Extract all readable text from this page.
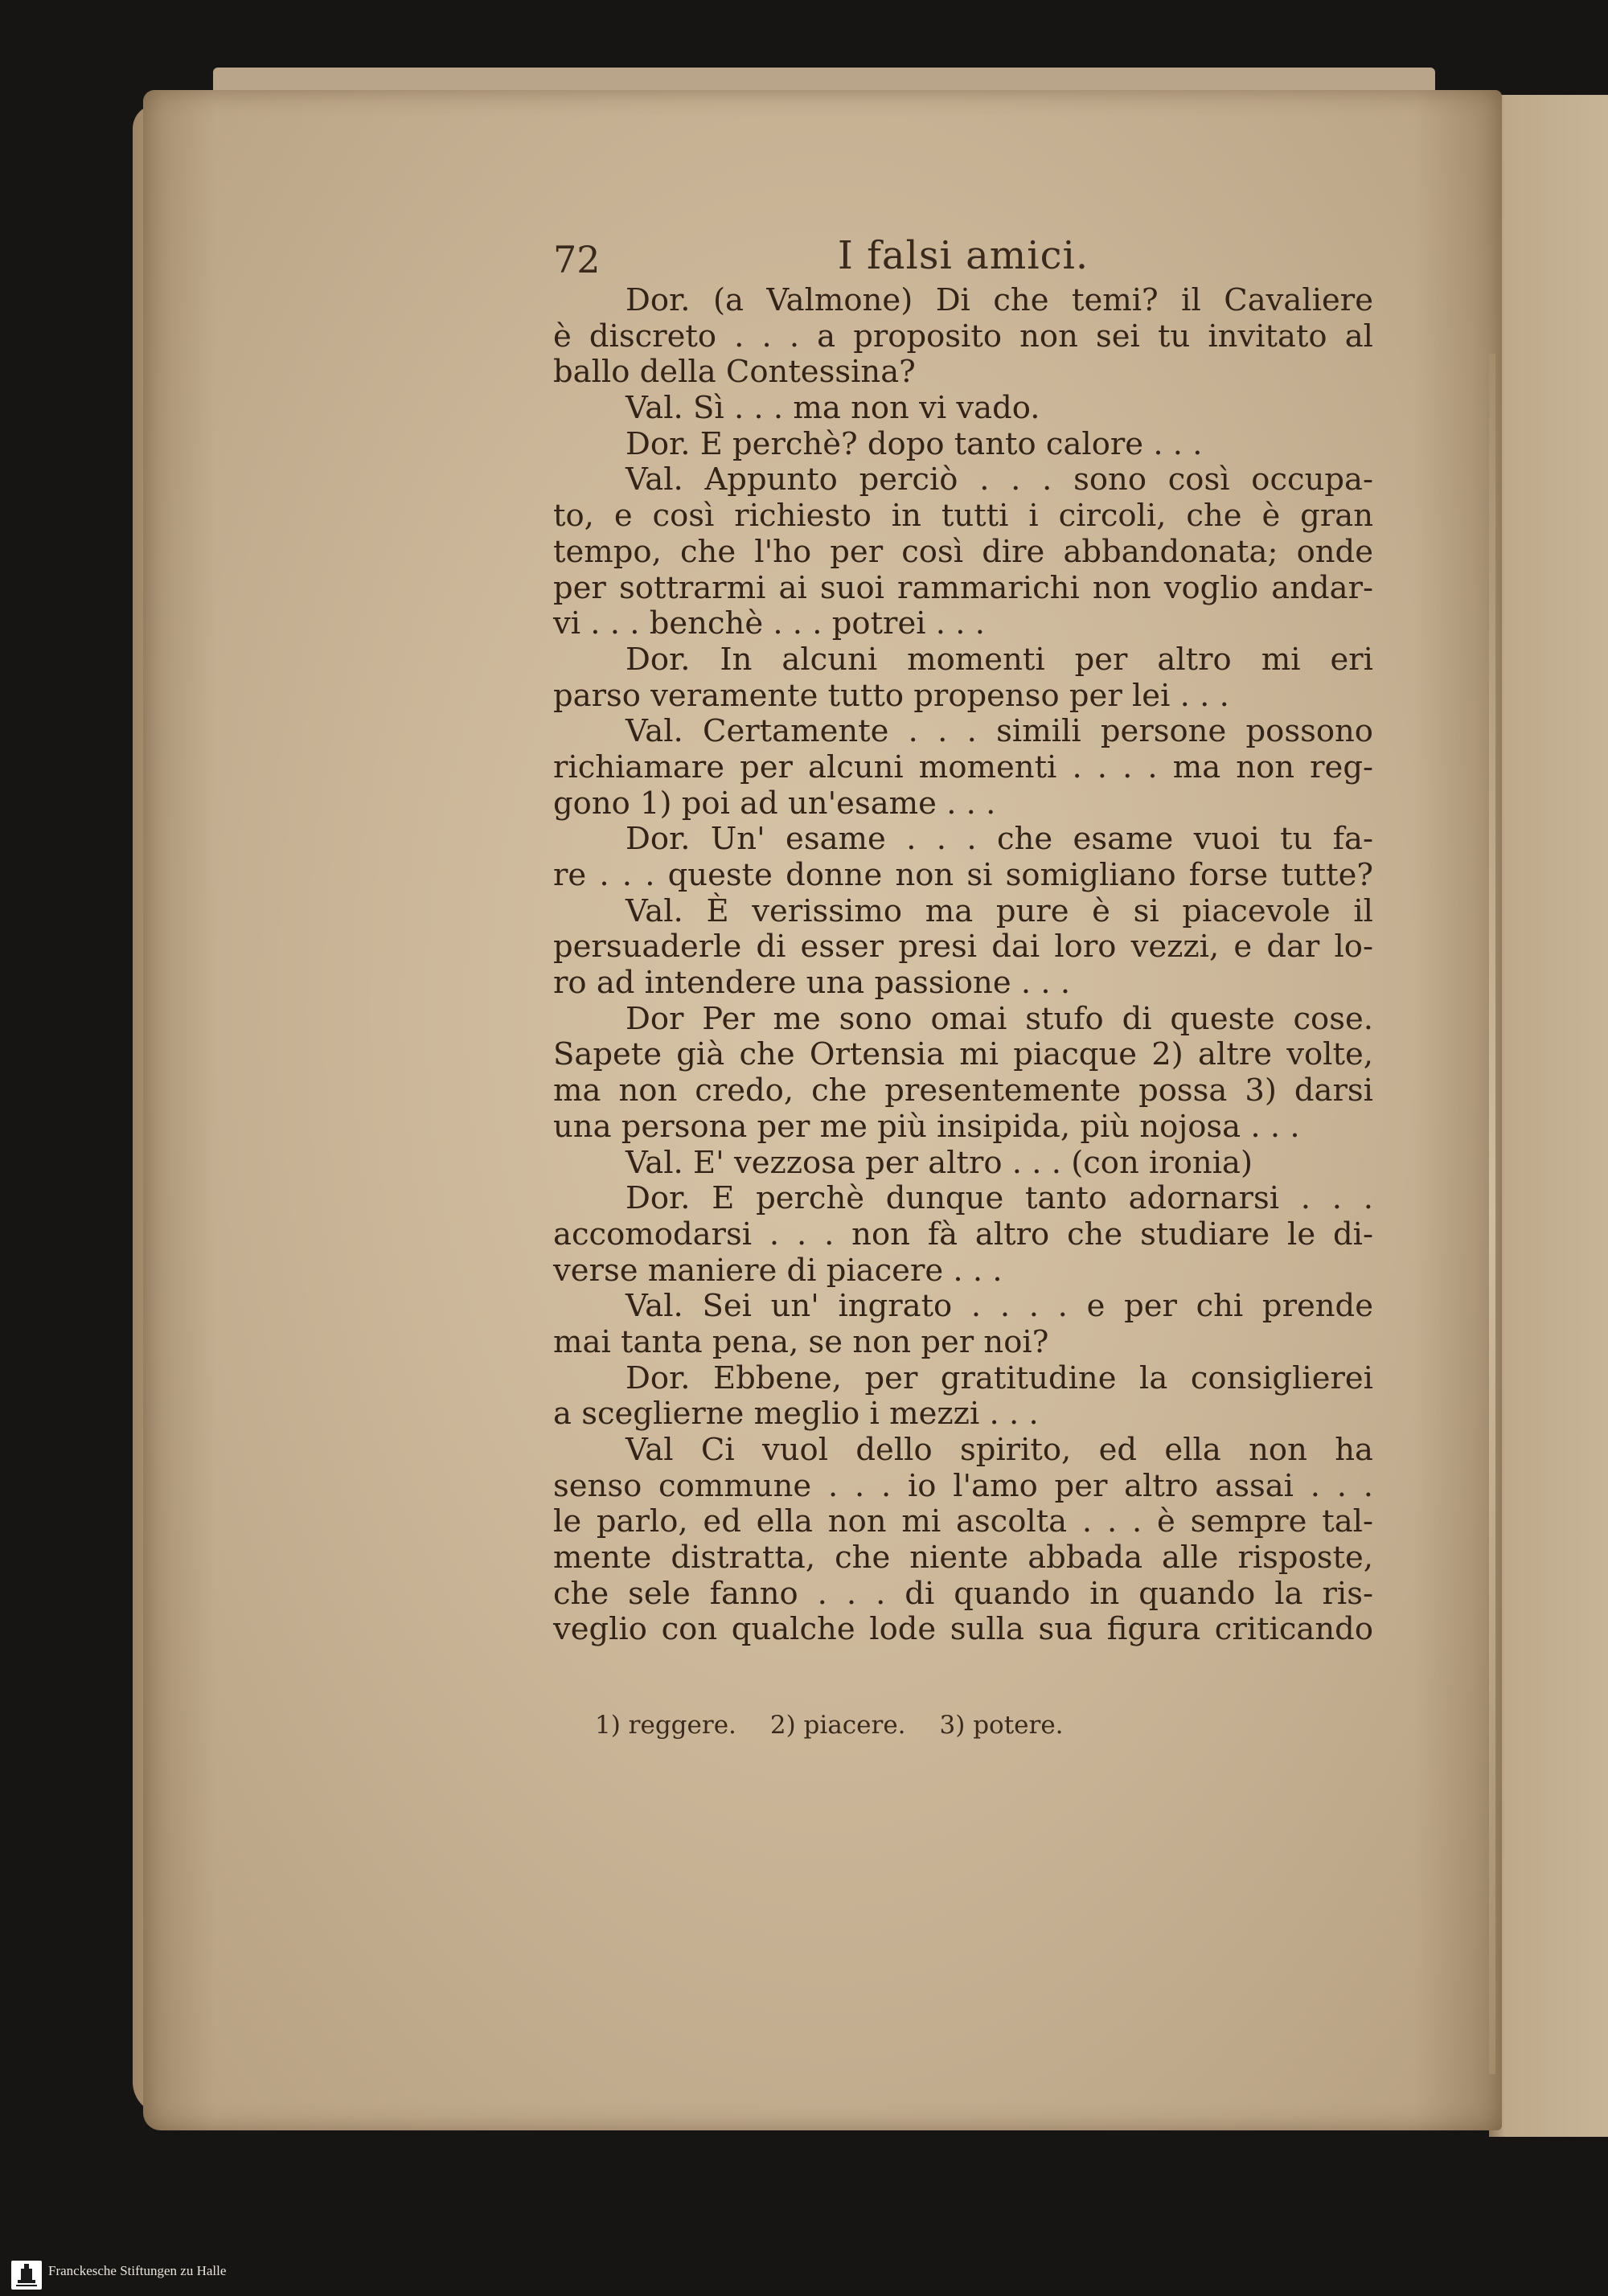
72	I falsi amici.
Dor. (a Valmone) Di che temi? il Cavaliere
è discreto . . . a proposito non sei tu invitato al
ballo della Contessina?
Val. Sì . . . ma non vi vado.
Dor. E perchè? dopo tanto calore . . .
Val. Appunto perciò . . . sono così occupa-
to, e così richiesto in tutti i circoli, che è gran
tempo, che l'ho per così dire abbandonata; onde
per sottrarmi ai suoi rammarichi non voglio andar-
vi . . . benchè . . . potrei . . .
Dor. In alcuni momenti per altro mi eri
parso veramente tutto propenso per lei . . .
Val. Certamente . . . simili persone possono
richiamare per alcuni momenti . . . . ma non reg-
gono 1) poi ad un'esame . . .
Dor. Un' esame . . . che esame vuoi tu fa-
re . . . queste donne non si somigliano forse tutte?
Val. È verissimo ma pure è si piacevole il
persuaderle di esser presi dai loro vezzi, e dar lo-
ro ad intendere una passione . . .
Dor Per me sono omai stufo di queste cose.
Sapete già che Ortensia mi piacque 2) altre volte,
ma non credo, che presentemente possa 3) darsi
una persona per me più insipida, più nojosa . . .
Val. E' vezzosa per altro . . . (con ironia)
Dor. E perchè dunque tanto adornarsi . . .
accomodarsi . . . non fà altro che studiare le di-
verse maniere di piacere . . .
Val. Sei un' ingrato . . . . e per chi prende
mai tanta pena, se non per noi?
Dor. Ebbene, per gratitudine la consiglierei
a sceglierne meglio i mezzi . . .
Val Ci vuol dello spirito, ed ella non ha
senso commune . . . io l'amo per altro assai . . .
le parlo, ed ella non mi ascolta . . . è sempre tal-
mente distratta, che niente abbada alle risposte,
che sele fanno . . . di quando in quando la ris-
veglio con qualche lode sulla sua figura criticando
1) reggere. 2) piacere. 3) potere.
Franckesche Stiftungen zu Halle
